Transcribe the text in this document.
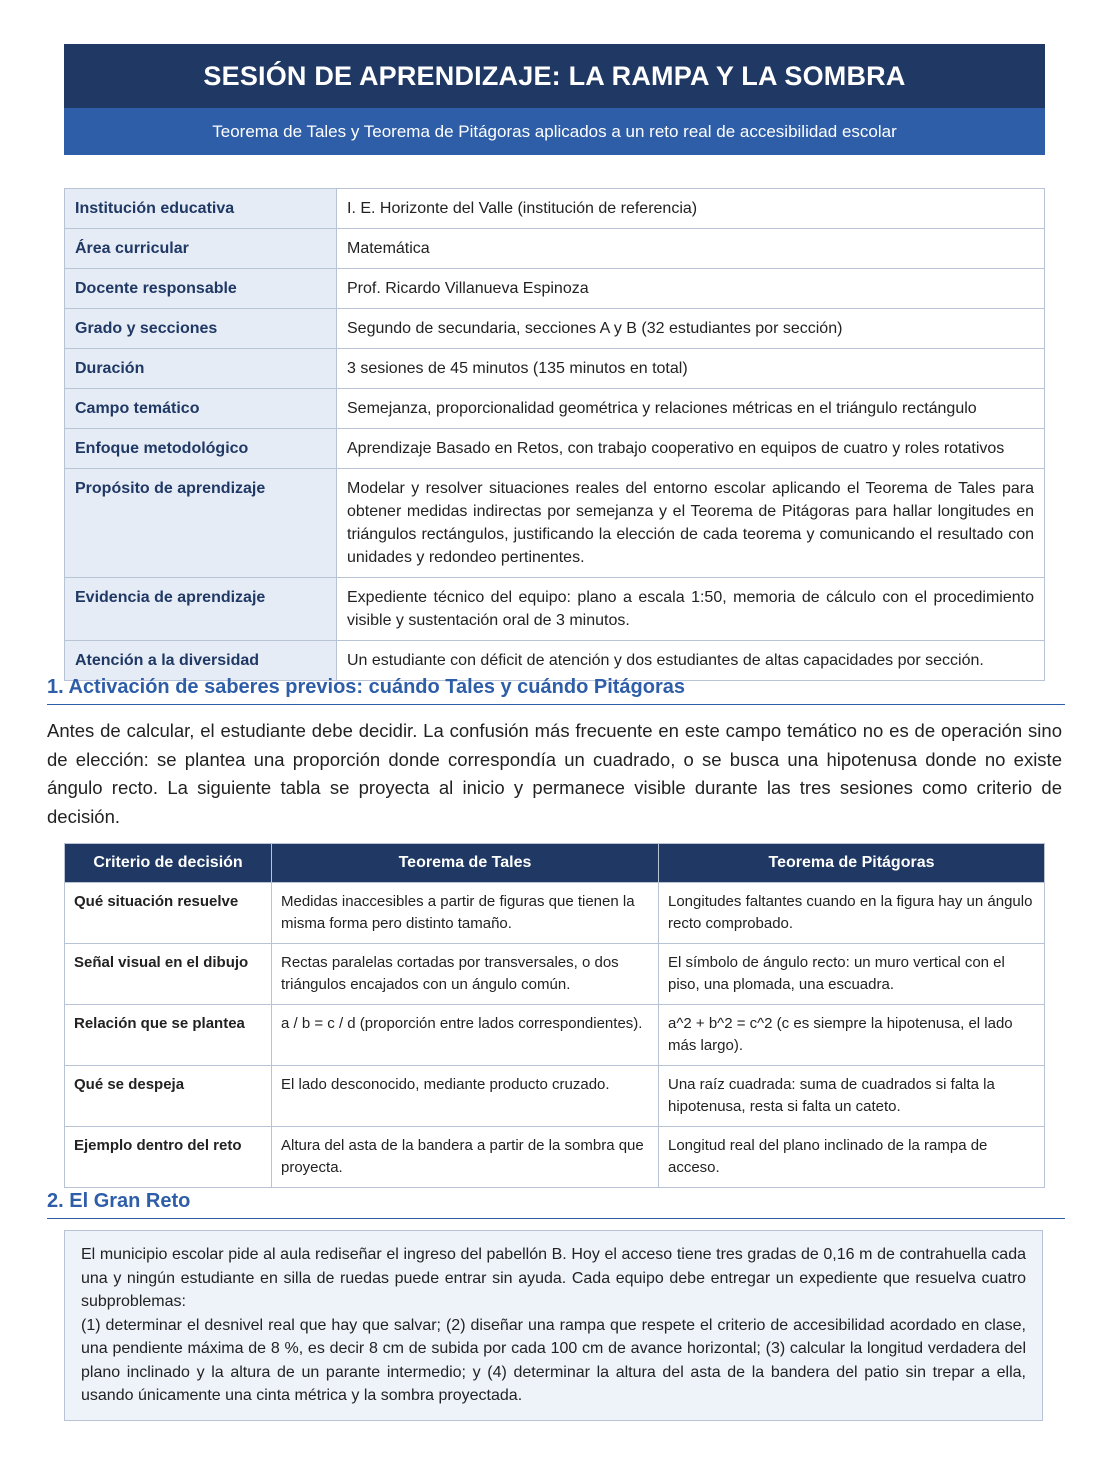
SESIÓN DE APRENDIZAJE: LA RAMPA Y LA SOMBRA
Teorema de Tales y Teorema de Pitágoras aplicados a un reto real de accesibilidad escolar
Institución educativa	I. E. Horizonte del Valle (institución de referencia)
Área curricular	Matemática
Docente responsable	Prof. Ricardo Villanueva Espinoza
Grado y secciones	Segundo de secundaria, secciones A y B (32 estudiantes por sección)
Duración	3 sesiones de 45 minutos (135 minutos en total)
Campo temático	Semejanza, proporcionalidad geométrica y relaciones métricas en el triángulo rectángulo
Enfoque metodológico	Aprendizaje Basado en Retos, con trabajo cooperativo en equipos de cuatro y roles rotativos
Propósito de aprendizaje	Modelar y resolver situaciones reales del entorno escolar aplicando el Teorema de Tales para obtener medidas indirectas por semejanza y el Teorema de Pitágoras para hallar longitudes en triángulos rectángulos, justificando la elección de cada teorema y comunicando el resultado con unidades y redondeo pertinentes.
Evidencia de aprendizaje	Expediente técnico del equipo: plano a escala 1:50, memoria de cálculo con el procedimiento visible y sustentación oral de 3 minutos.
Atención a la diversidad	Un estudiante con déficit de atención y dos estudiantes de altas capacidades por sección.
1. Activación de saberes previos: cuándo Tales y cuándo Pitágoras

Antes de calcular, el estudiante debe decidir. La confusión más frecuente en este campo temático no es de operación sino de elección: se plantea una proporción donde correspondía un cuadrado, o se busca una hipotenusa donde no existe ángulo recto. La siguiente tabla se proyecta al inicio y permanece visible durante las tres sesiones como criterio de decisión.

Criterio de decisión	Teorema de Tales	Teorema de Pitágoras
Qué situación resuelve	Medidas inaccesibles a partir de figuras que tienen la misma forma pero distinto tamaño.	Longitudes faltantes cuando en la figura hay un ángulo recto comprobado.
Señal visual en el dibujo	Rectas paralelas cortadas por transversales, o dos triángulos encajados con un ángulo común.	El símbolo de ángulo recto: un muro vertical con el piso, una plomada, una escuadra.
Relación que se plantea	a / b = c / d (proporción entre lados correspondientes).	a^2 + b^2 = c^2 (c es siempre la hipotenusa, el lado más largo).
Qué se despeja	El lado desconocido, mediante producto cruzado.	Una raíz cuadrada: suma de cuadrados si falta la hipotenusa, resta si falta un cateto.
Ejemplo dentro del reto	Altura del asta de la bandera a partir de la sombra que proyecta.	Longitud real del plano inclinado de la rampa de acceso.
2. El Gran Reto

El municipio escolar pide al aula rediseñar el ingreso del pabellón B. Hoy el acceso tiene tres gradas de 0,16 m de contrahuella cada una y ningún estudiante en silla de ruedas puede entrar sin ayuda. Cada equipo debe entregar un expediente que resuelva cuatro subproblemas:

(1) determinar el desnivel real que hay que salvar; (2) diseñar una rampa que respete el criterio de accesibilidad acordado en clase, una pendiente máxima de 8 %, es decir 8 cm de subida por cada 100 cm de avance horizontal; (3) calcular la longitud verdadera del plano inclinado y la altura de un parante intermedio; y (4) determinar la altura del asta de la bandera del patio sin trepar a ella, usando únicamente una cinta métrica y la sombra proyectada.
